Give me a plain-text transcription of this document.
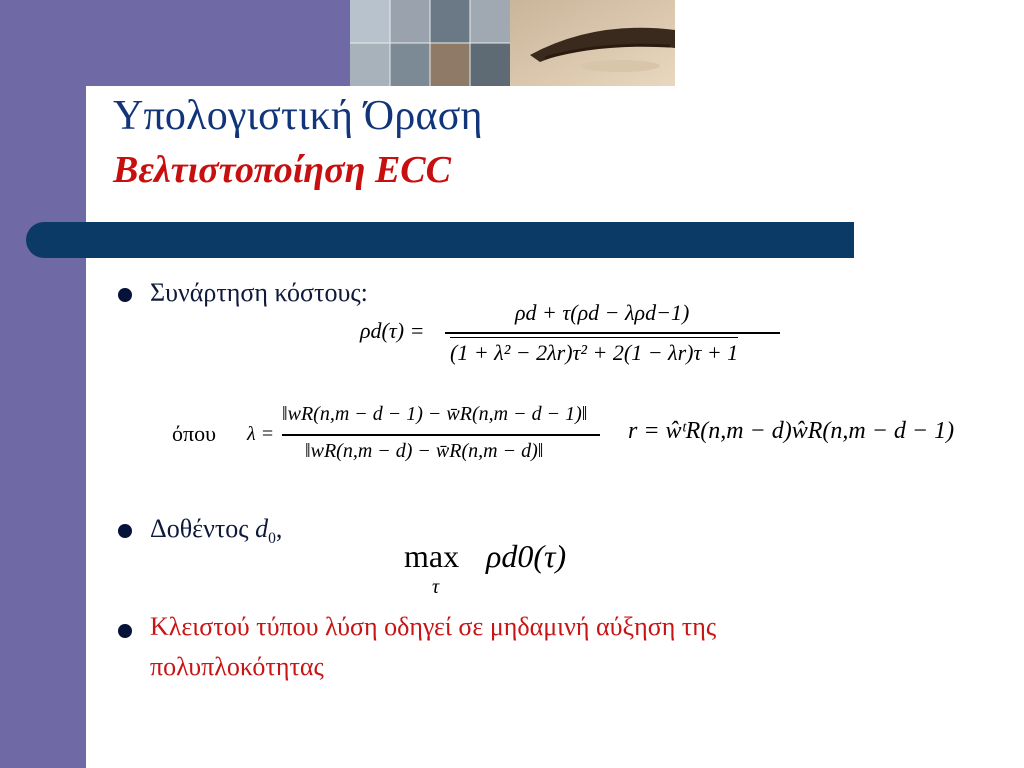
Υπολογιστική Όραση
Βελτιστοποίηση ECC
Συνάρτηση κόστους:
ρd(τ) =
ρd + τ(ρd − λρd−1)
(1 + λ² − 2λr)τ² + 2(1 − λr)τ + 1
όπου λ =
‖wR(n,m − d − 1) − w̄R(n,m − d − 1)‖
‖wR(n,m − d) − w̄R(n,m − d)‖
r = ŵᵗR(n,m − d)ŵR(n,m − d − 1)
Δοθέντος $d_0$,
max
τ
ρd0(τ)
Κλειστού τύπου λύση οδηγεί σε μηδαμινή αύξηση της
πολυπλοκότητας
